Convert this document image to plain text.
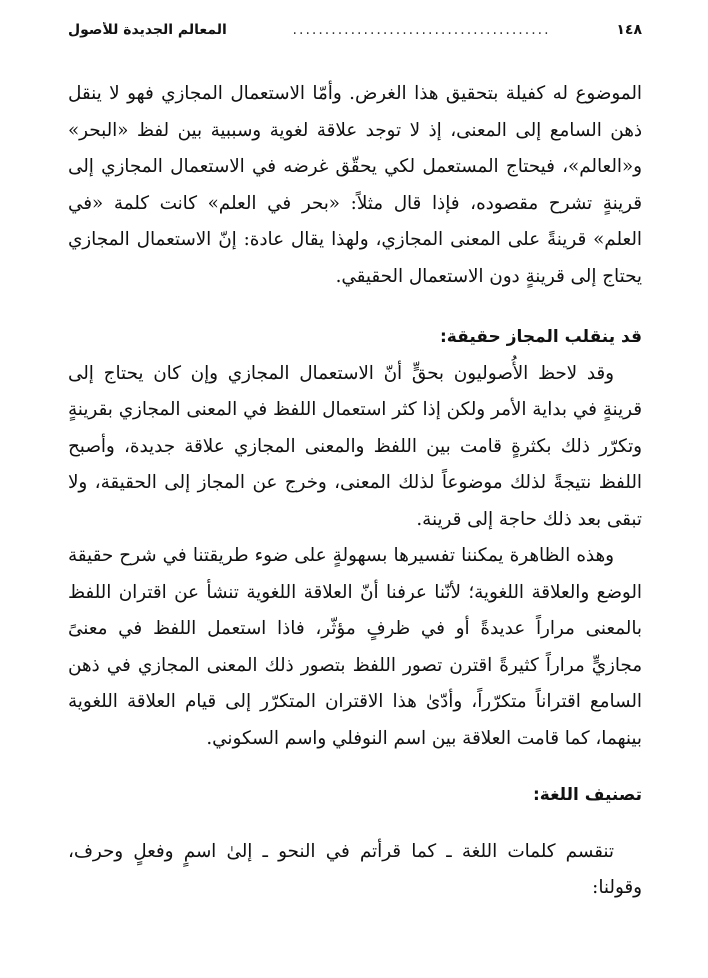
١٤٨
........................................
المعالم الجديدة للأصول

الموضوع له كفيلة بتحقيق هذا الغرض. وأمّا الاستعمال المجازي فهو لا ينقل ذهن السامع إلى المعنى، إذ لا توجد علاقة لغوية وسببية بين لفظ «البحر» و«العالم»، فيحتاج المستعمل لكي يحقّق غرضه في الاستعمال المجازي إلى قرينةٍ تشرح مقصوده، فإذا قال مثلاً: «بحر في العلم» كانت كلمة «في العلم» قرينةً على المعنى المجازي، ولهذا يقال عادة: إنّ الاستعمال المجازي يحتاج إلى قرينةٍ دون الاستعمال الحقيقي.

قد ينقلب المجاز حقيقة:

وقد لاحظ الأُصوليون بحقٍّ أنّ الاستعمال المجازي وإن كان يحتاج إلى قرينةٍ في بداية الأمر ولكن إذا كثر استعمال اللفظ في المعنى المجازي بقرينةٍ وتكرّر ذلك بكثرةٍ قامت بين اللفظ والمعنى المجازي علاقة جديدة، وأصبح اللفظ نتيجةً لذلك موضوعاً لذلك المعنى، وخرج عن المجاز إلى الحقيقة، ولا تبقى بعد ذلك حاجة إلى قرينة.

وهذه الظاهرة يمكننا تفسيرها بسهولةٍ على ضوء طريقتنا في شرح حقيقة الوضع والعلاقة اللغوية؛ لأنّنا عرفنا أنّ العلاقة اللغوية تنشأ عن اقتران اللفظ بالمعنى مراراً عديدةً أو في ظرفٍ مؤثّر، فاذا استعمل اللفظ في معنىً مجازيٍّ مراراً كثيرةً اقترن تصور اللفظ بتصور ذلك المعنى المجازي في ذهن السامع اقتراناً متكرّراً، وأدّىٰ هذا الاقتران المتكرّر إلى قيام العلاقة اللغوية بينهما، كما قامت العلاقة بين اسم النوفلي واسم السكوني.

تصنيف اللغة:

تنقسم كلمات اللغة ـ كما قرأتم في النحو ـ إلىٰ اسمٍ وفعلٍ وحرف، وقولنا:
